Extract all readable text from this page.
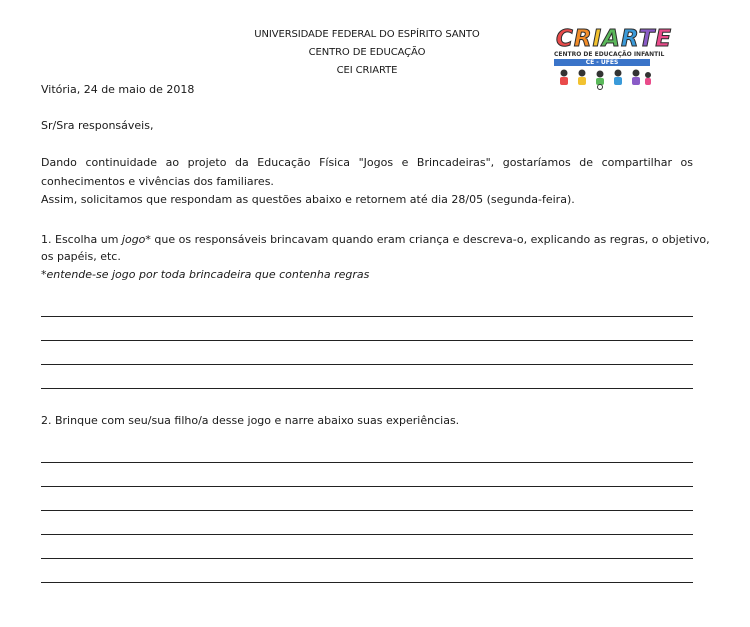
UNIVERSIDADE FEDERAL DO ESPÍRITO SANTO
CENTRO DE EDUCAÇÃO
CEI CRIARTE
CRIARTE
CENTRO DE EDUCAÇÃO INFANTIL
CE - UFES
Vitória, 24 de maio de 2018
Sr/Sra responsáveis,
Dando continuidade ao projeto da Educação Física "Jogos e Brincadeiras", gostaríamos de compartilhar os
conhecimentos e vivências dos familiares.
Assim, solicitamos que respondam as questões abaixo e retornem até dia 28/05 (segunda-feira).
1. Escolha um jogo* que os responsáveis brincavam quando eram criança e descreva-o, explicando as regras, o objetivo,
os papéis, etc.
*entende-se jogo por toda brincadeira que contenha regras
2. Brinque com seu/sua filho/a desse jogo e narre abaixo suas experiências.
